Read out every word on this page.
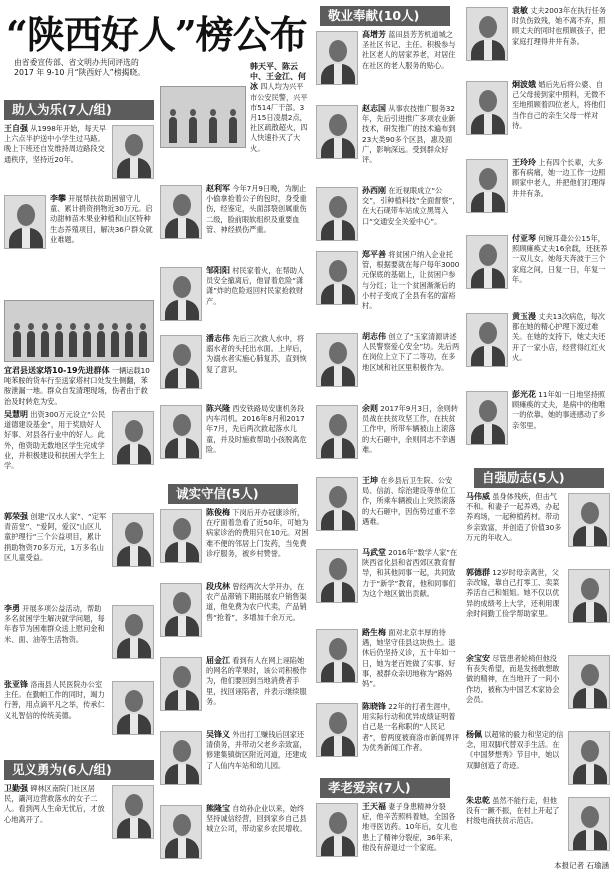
“陕西好人”榜公布
由省委宣传部、省文明办共同评选的 2017 年 9-10 月“陕西好人”榜揭晓。
助人为乐(7人/组)
王自强 从1998年开始，每天早上六点半护送中小学生过马路。晚上下班还自发维持周边路段交通秩序，坚持近20年。
李攀 开展帮扶贫助困留守儿童、累计捐资捐物近30万元。启动甜柿苗木果业种植和山区特种生态养殖项目，解决36户群众就业难题。
宜君县送家塔10-19先进群体 一辆运载10吨苯胺的货车行至送家塔村口处发生侧翻，苯胺泄漏一地。群众自发清理现场，伤者由于救治及时转危为安。
吴慧明 出资300万元设立“公民道德建设基金”，用于奖励好人好事、对县各行业中的好人。此外，他资助无数地区学生完成学业，并积极建设和扶困大学生上学。
郭荣强 创建“汉水人家”、“定军青苗堂”、“爱阿，爱汉”山区儿童护理行“三个公益项目，累计捐助物资70多万元，1万多名山区儿童受益。
李勇 开展多项公益活动，帮助多名贫困学生解决就学问题，每年春节为困难群众送上慰问金和米、面、油等生活物资。
张亚锋 洛南县人民医院办公室主任。在勤帕工作的同时，竭力行善，用点滴平凡之举，传承仁义礼智信的传统美德。
见义勇为(6人/组)
卫勤强 碑林区南院门社区居民，灞河边营救落水的女子二人。看到两人生命无忧后，才放心地离开了。
韩天平、陈云中、王金江、何冰 四人均为兴平市公安民警，兴平市514厂干部。3月15日凌晨2点，社区疏散超火，四人快速扑灭了大火。
赵利军 今年7月9日晚，为制止小偷拿抢着公子的包时，身受重伤，经鉴定，头面部裂创属重伤二级，脸前眼软组织及重要血管、神经损伤严重。
邹阳阳 村民家着火，在帮助人员安全撤离后，他冒着危险“潇潇”炸的危险返回村民家抢救财产。
潘志伟 先后三次救人水中，将溺水者的头托出水面。上岸后，为溺水者实施心肺复苏，直到恢复了意识。
陈兴隆 西安铁路局安康机务段内车司机。2016年8月和2017年7月，先后两次救起落水儿童，并及时施救帮助小孩脱离危险。
诚实守信(5人)
陈俊梅 下岗后开办冠康诊所，在疗面着急看了近50年，可她为病家诊治的费用只在10元。对困难不便的邻居上门发药，当免费诊疗服务，被乡村赞誉。
段戌林 曾经两次大学开办，在农产品滞销下期拓展农户销售渠道，他免费为农户代卖，产品销售“抢着”，多增加千余万元。
屈金江 看到有人在网上诬陷她的网名的苹果时，该公司积极作为，他们要回到当地消费者手里，找回诬陷者，并表示继续服务。
吴锋义 外出打工赚钱后回家还清债务，并带动父老乡亲致富，修建集镇街区附近河道，还建成了人仙内车站和幼儿园。
熊隆宝 自幼孙企业以来，始终坚持诚信经营，回到家乡自己县城立公司，带动家乡农民增收。
敬业奉献(10人)
高增芳 蓝田县芳芳机道城之圣社区书记、主任。积极参与社区老人的居家养老，对居住在社区的老人服务的贴心。
赵志国 从事农技推广服务32年，先后引进推广多项农业新技术，研发推广的技术遍布到23大类90多个区县，惠及面广，影响深远。受到群众好评。
孙西刚 在近视眼成立“公交”，引种植科技“全面督察”，在大石砚带车站成立黑驾入口“交通安全关爱中心”。
郑平善 将贫困户纳入企业托管，根据要就在每户每年3000元保底的基础上，让贫困户参与分红；让一个贫困渐渐后的小村子变成了全县有名的富裕村。
胡志伟 创立了“玉家清源讲述人民警察爱心安全”坊。先后两在岗位上立下了二等功，在多地区域和社区里积极作为。
余则 2017年9月3日，余则转员战在扶贫攻坚工作，在扶贫工作中，所带车辆被山上滚落的大石砸中，余则同志不幸遇难。
王坤 在乡县后卫生院、公安局、信訪、综治建设等单位工作，所乘车辆被山上突然滚落的大石砸中，因伤势过重不幸遇难。
马武堂 2016年“数学人家”在陕西省化县和省西郊区教育督导，和其他同事一起，共同致力于“新学”教育，他和同事们为这个地区做出贡献。
路生梅 面对北京丰厚的待遇，她坚守佳县这块热土。退休后仍坚持义诊，五十年如一日，她为老百姓做了实事、好事，被群众亲切地称为“路妈妈”。
陈晓锋 22年的打者生涯中，用实际行动和优异成绩证明着自己是一名称职的“人民记者”，曾两度被商洛市新闻界评为优秀新闻工作者。
孝老爱亲(7人)
王天福 妻子身患精神分裂症，他辛苦照料着她，全国各地寻医访药。10年后，女儿也患上了精神分裂症，36年来，他没有辞退过一个家庭。
袁敏 丈夫2003年在执行任务时负伤致残，她不离不弃，照顾丈夫的同时也照顾孩子，把家庭打理得井井有条。
炯波娥 婚后先后将公婆、自己父母接到家中照料，无微不至地照顾着四位老人，将他们当作自己的亲生父母一样对待。
王玲玲 上有四个长辈，大多都有病痛，她一边工作一边照顾家中老人，并把他们打理得井井有条。
付亚琴 何婉耳聋公公15年，照顾瘫痪丈夫16余载，还抚养一双儿女。她每天奔波于三个家庭之间，日复一日，年复一年。
黄玉漫 丈夫13次病危，每次都在她的精心护理下渡过难关。在她的支持下，她丈夫还开了一家小店，经营得红红火火。
彭光花 11年如一日地坚持照顾瘫痪的丈夫，是病中的他唯一的依靠。她的事迹感动了乡亲邻里。
自强励志(5人)
马伟威 虽身体残疾，但击气不和。和妻子一起养鸡，办起养鸡场，一起种植药材。带动乡亲致富，并创造了价值30多万元的年收入。
郭德群 12岁时母亲离世，父亲改嫁，靠自己打零工、卖菜养活自己和姐姐。她不仅以优异的成绩考上大学，还利用课余时间勤工俭学帮助家里。
余宝安 尽管患者轮椅但他没有丧失希望，而是发扬敢想敢做的精神，在当地开了一间小作坊，被称为中国艺术家协会会员。
杨佩 以超常的毅力和坚定的信念，用双脚代替双手生活。在《中国梦想秀》节目中，她以双脚创造了奇迹。
朱忠乾 虽然不能行走，但他没有一蹶不振，在村上开起了村级电商扶贫示范店。
本报记者 石瑜涵
